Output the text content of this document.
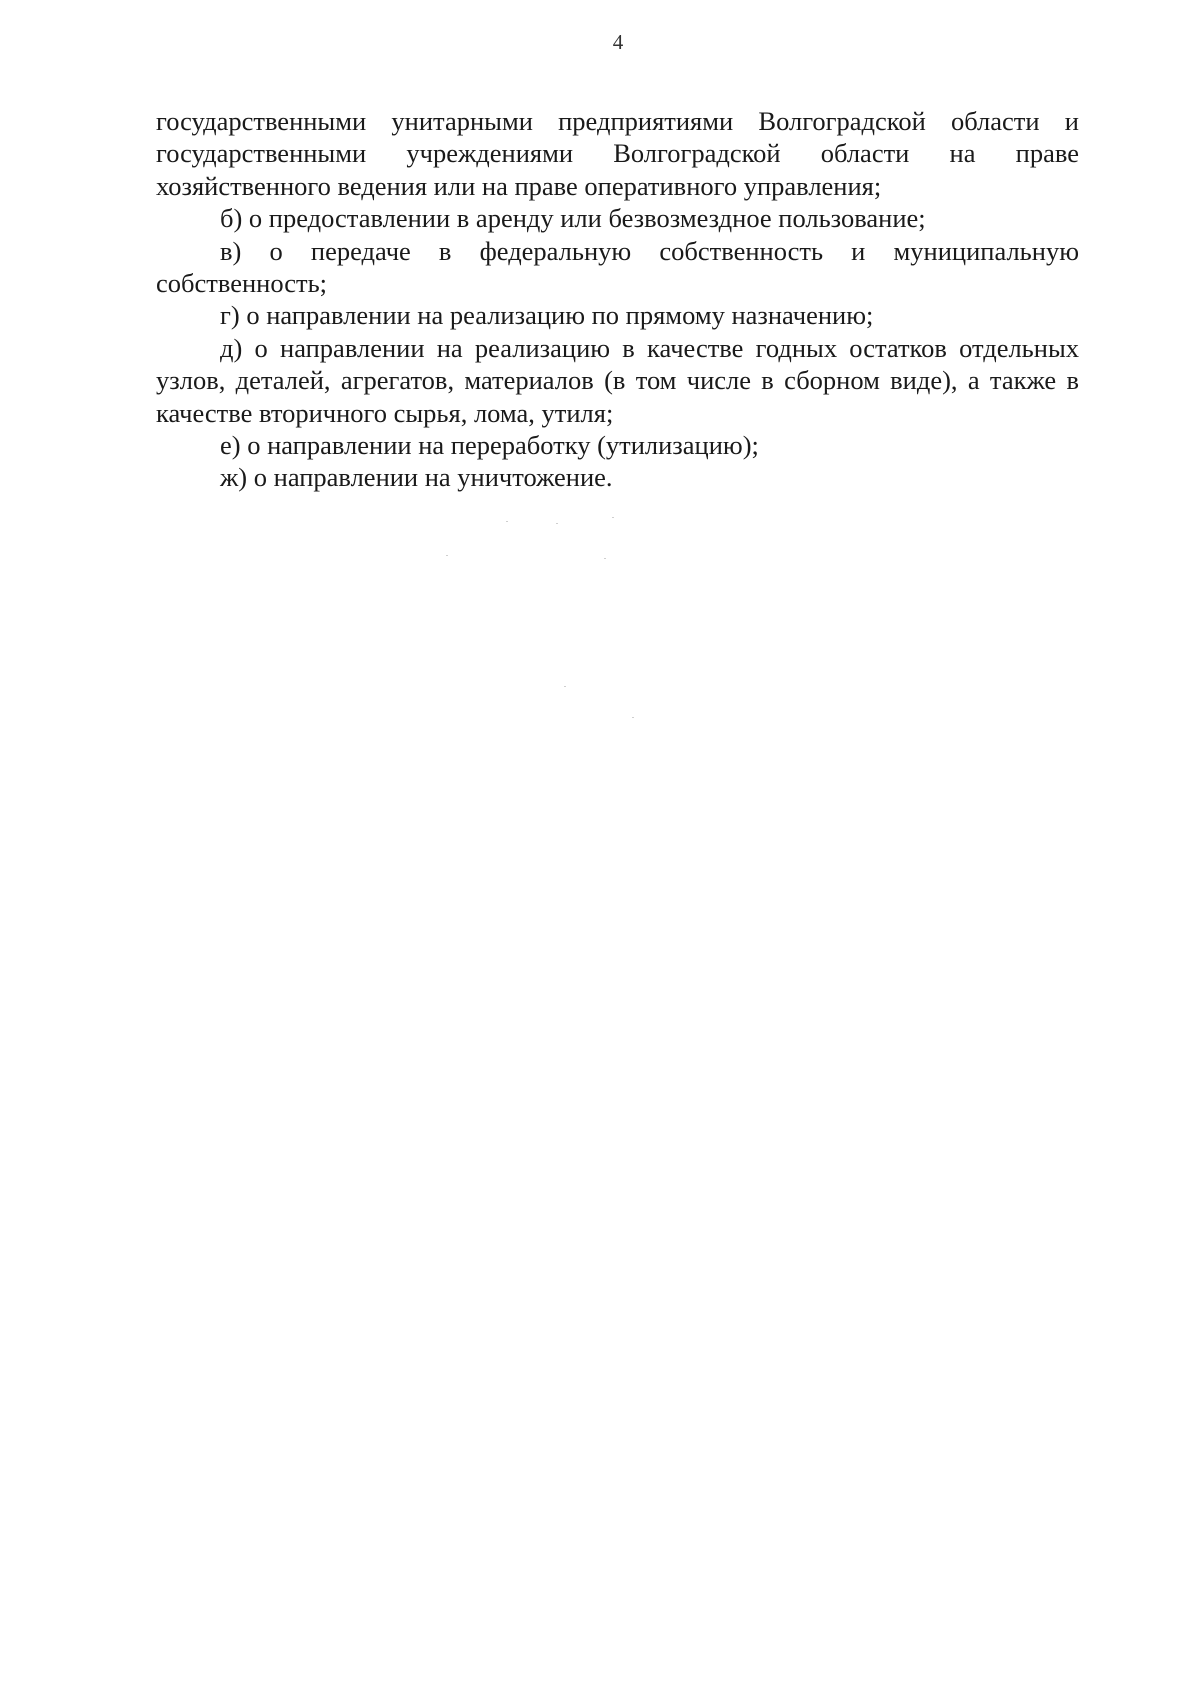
4

государственными унитарными предприятиями Волгоградской области и государственными учреждениями Волгоградской области на праве хозяйственного ведения или на праве оперативного управления;

б) о предоставлении в аренду или безвозмездное пользование;

в) о передаче в федеральную собственность и муниципальную собственность;

г) о направлении на реализацию по прямому назначению;

д) о направлении на реализацию в качестве годных остатков отдельных узлов, деталей, агрегатов, материалов (в том числе в сборном виде), а также в качестве вторичного сырья, лома, утиля;

е) о направлении на переработку (утилизацию);

ж) о направлении на уничтожение.
